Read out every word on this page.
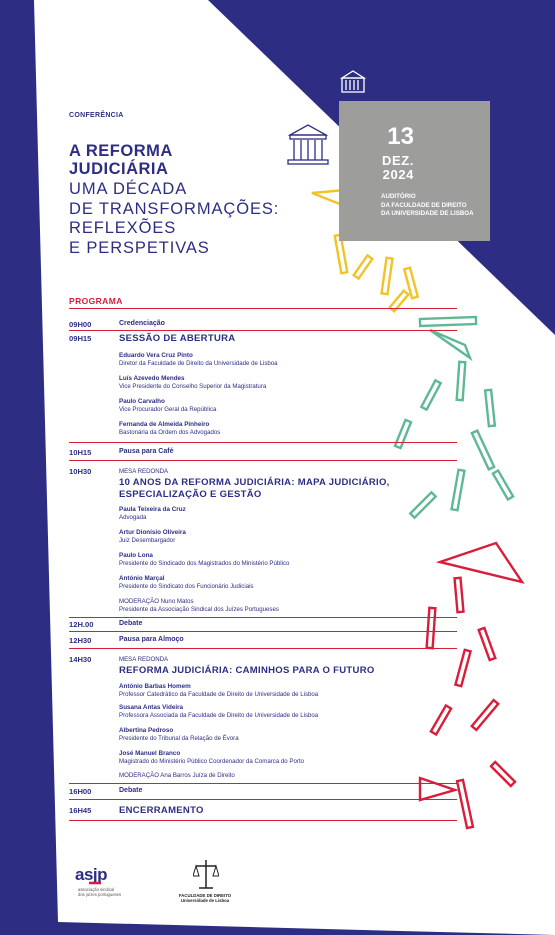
CONFERÊNCIA
A REFORMA
JUDICIÁRIA
UMA DÉCADA
DE TRANSFORMAÇÕES:
REFLEXÕES
E PERSPETIVAS
13
DEZ.
2024
AUDITÓRIO
DA FACULDADE DE DIREITO
DA UNIVERSIDADE DE LISBOA
PROGRAMA
09H00	Credenciação
09H15	SESSÃO DE ABERTURA
Eduardo Vera Cruz Pinto
Diretor da Faculdade de Direito da Universidade de Lisboa
Luís Azevedo Mendes
Vice Presidente do Conselho Superior da Magistratura
Paulo Carvalho
Vice Procurador Geral da República
Fernanda de Almeida Pinheiro
Bastonária da Ordem dos Advogados
10H15	Pausa para Café
10H30	MESA REDONDA
10 ANOS DA REFORMA JUDICIÁRIA: MAPA JUDICIÁRIO,
ESPECIALIZAÇÃO E GESTÃO
Paula Teixeira da Cruz
Advogada
Artur Dionísio Oliveira
Juiz Desembargador
Paulo Lona
Presidente do Sindicado dos Magistrados do Ministério Público
António Marçal
Presidente do Sindicato dos Funcionário Judiciais
MODERAÇÃO Nuno Matos
Presidente da Associação Sindical dos Juízes Portugueses
12H.00	Debate
12H30	Pausa para Almoço
14H30	MESA REDONDA
REFORMA JUDICIÁRIA: CAMINHOS PARA O FUTURO
António Barbas Homem
Professor Catedrático da Faculdade de Direito de Universidade de Lisboa
Susana Antas Videira
Professora Associada da Faculdade de Direito de Universidade de Lisboa
Albertina Pedroso
Presidente do Tribunal da Relação de Évora
José Manuel Branco
Magistrado do Ministério Público Coordenador da Comarca do Porto
MODERAÇÃO Ana Barros Juíza de Direito
16H00	Debate
16H45	ENCERRAMENTO
asjp
associação sindical
dos juízes portugueses	FACULDADE DE DIREITO
Universidade de Lisboa
